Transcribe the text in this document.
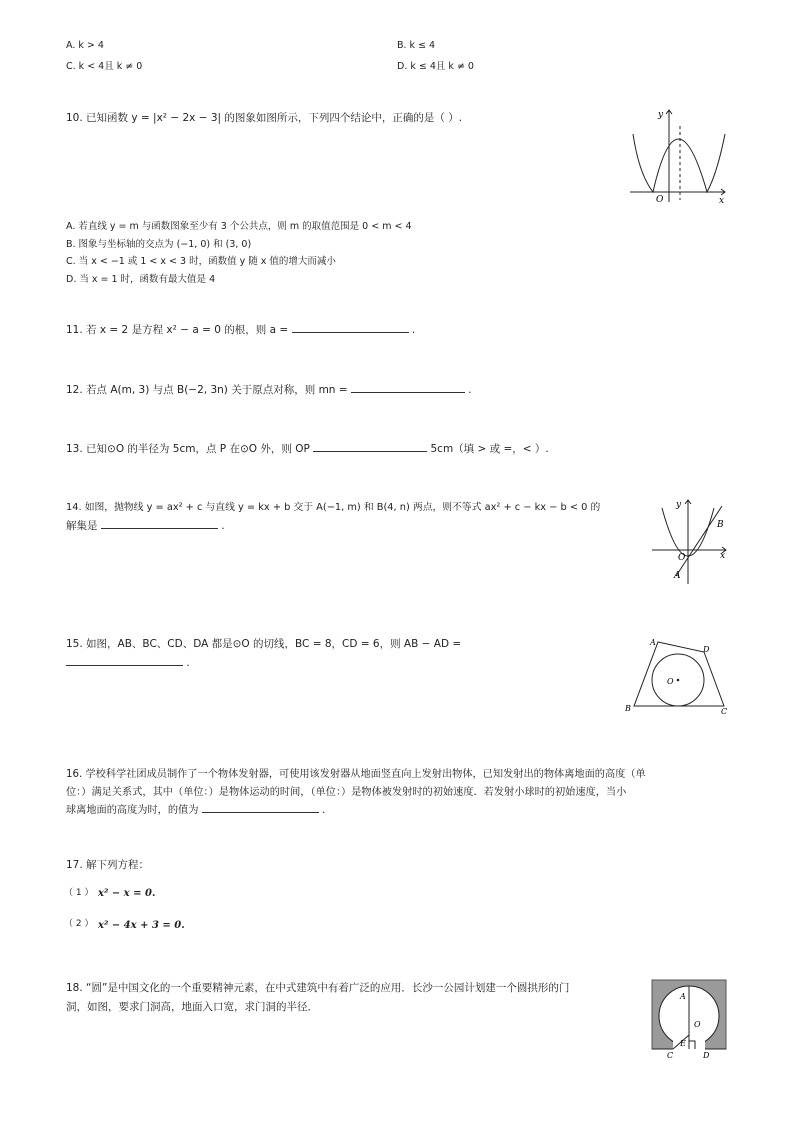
A. k > 4	B. k ≤ 4
C. k < 4且 k ≠ 0	D. k ≤ 4且 k ≠ 0
10. 已知函数 y = |x² − 2x − 3| 的图象如图所示，下列四个结论中，正确的是（ ）.	y
x
O
A. 若直线 y = m 与函数图象至少有 3 个公共点，则 m 的取值范围是 0 < m < 4
B. 图象与坐标轴的交点为 (−1, 0) 和 (3, 0)
C. 当 x < −1 或 1 < x < 3 时，函数值 y 随 x 值的增大而减小
D. 当 x = 1 时，函数有最大值是 4
11. 若 x = 2 是方程 x² − a = 0 的根，则 a =	.
12. 若点 A(m, 3) 与点 B(−2, 3n) 关于原点对称，则 mn =	.
13. 已知⊙O 的半径为 5cm，点 P 在⊙O 外，则 OP	5cm（填 > 或 =，< ）.
14. 如图，抛物线 y = ax² + c 与直线 y = kx + b 交于 A(−1, m) 和 B(4, n) 两点，则不等式 ax² + c − kx − b < 0 的
解集是	.
y
x
O
A
B
15. 如图，AB、BC、CD、DA 都是⊙O 的切线，BC = 8，CD = 6，则 AB − AD =
.
A
D
B	C
O
16. 学校科学社团成员制作了一个物体发射器，可使用该发射器从地面竖直向上发射出物体，已知发射出的物体离地面的高度（单
位：）满足关系式，其中（单位：）是物体运动的时间，（单位：）是物体被发射时的初始速度．若发射小球时的初始速度，当小
球离地面的高度为时，的值为	.
17. 解下列方程：
（ 1 ） x² − x = 0.
（ 2 ） x² − 4x + 3 = 0.
18. “圆”是中国文化的一个重要精神元素，在中式建筑中有着广泛的应用．长沙一公园计划建一个圆拱形的门
洞，如图，要求门洞高，地面入口宽，求门洞的半径．
A
O
E
C	D
